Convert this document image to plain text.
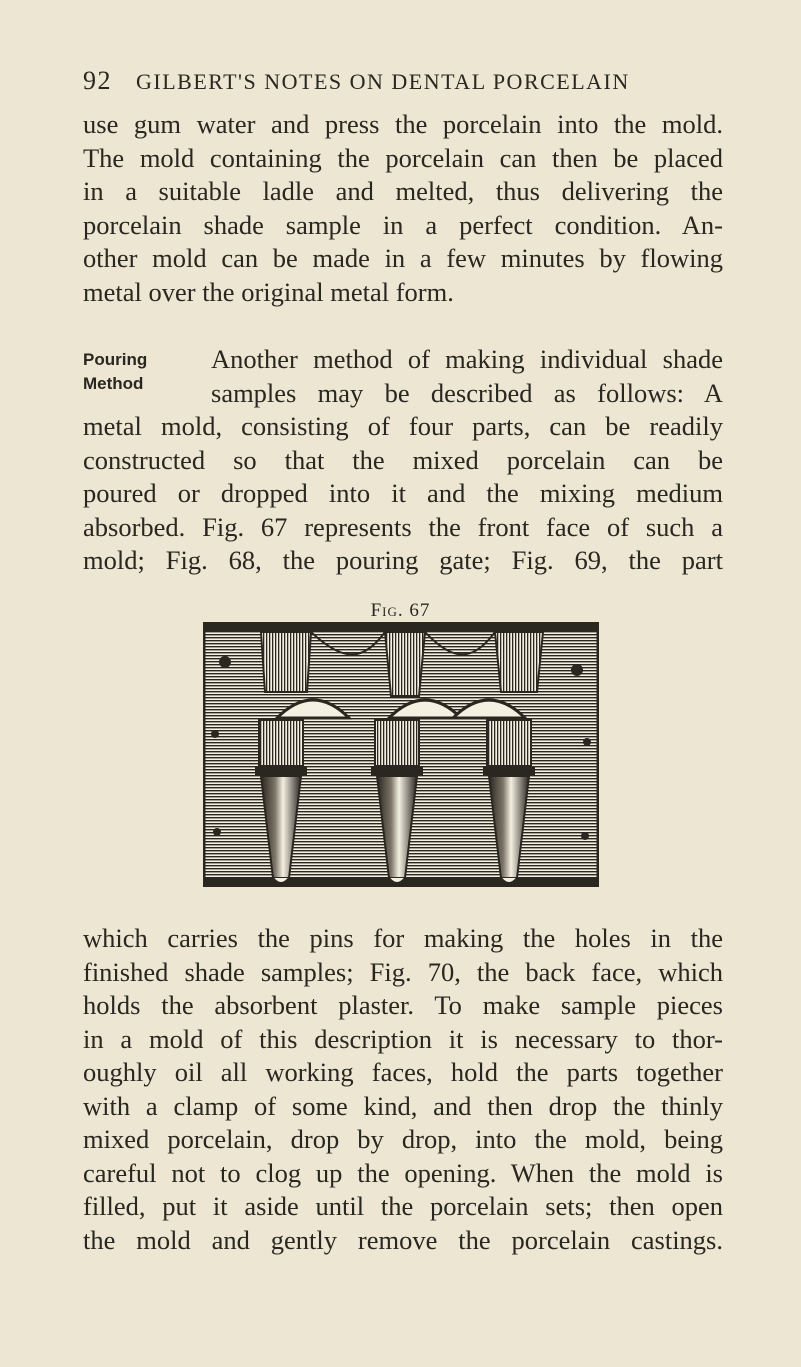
92 GILBERT'S NOTES ON DENTAL PORCELAIN
use gum water and press the porcelain into the mold.
The mold containing the porcelain can then be placed
in a suitable ladle and melted, thus delivering the
porcelain shade sample in a perfect condition. An-
other mold can be made in a few minutes by flowing
metal over the original metal form.
Pouring
Method
Another method of making individual shade
samples may be described as follows: A
metal mold, consisting of four parts, can be readily
constructed so that the mixed porcelain can be
poured or dropped into it and the mixing medium
absorbed. Fig. 67 represents the front face of such a
mold; Fig. 68, the pouring gate; Fig. 69, the part
Fig. 67
which carries the pins for making the holes in the
finished shade samples; Fig. 70, the back face, which
holds the absorbent plaster. To make sample pieces
in a mold of this description it is necessary to thor-
oughly oil all working faces, hold the parts together
with a clamp of some kind, and then drop the thinly
mixed porcelain, drop by drop, into the mold, being
careful not to clog up the opening. When the mold is
filled, put it aside until the porcelain sets; then open
the mold and gently remove the porcelain castings.
